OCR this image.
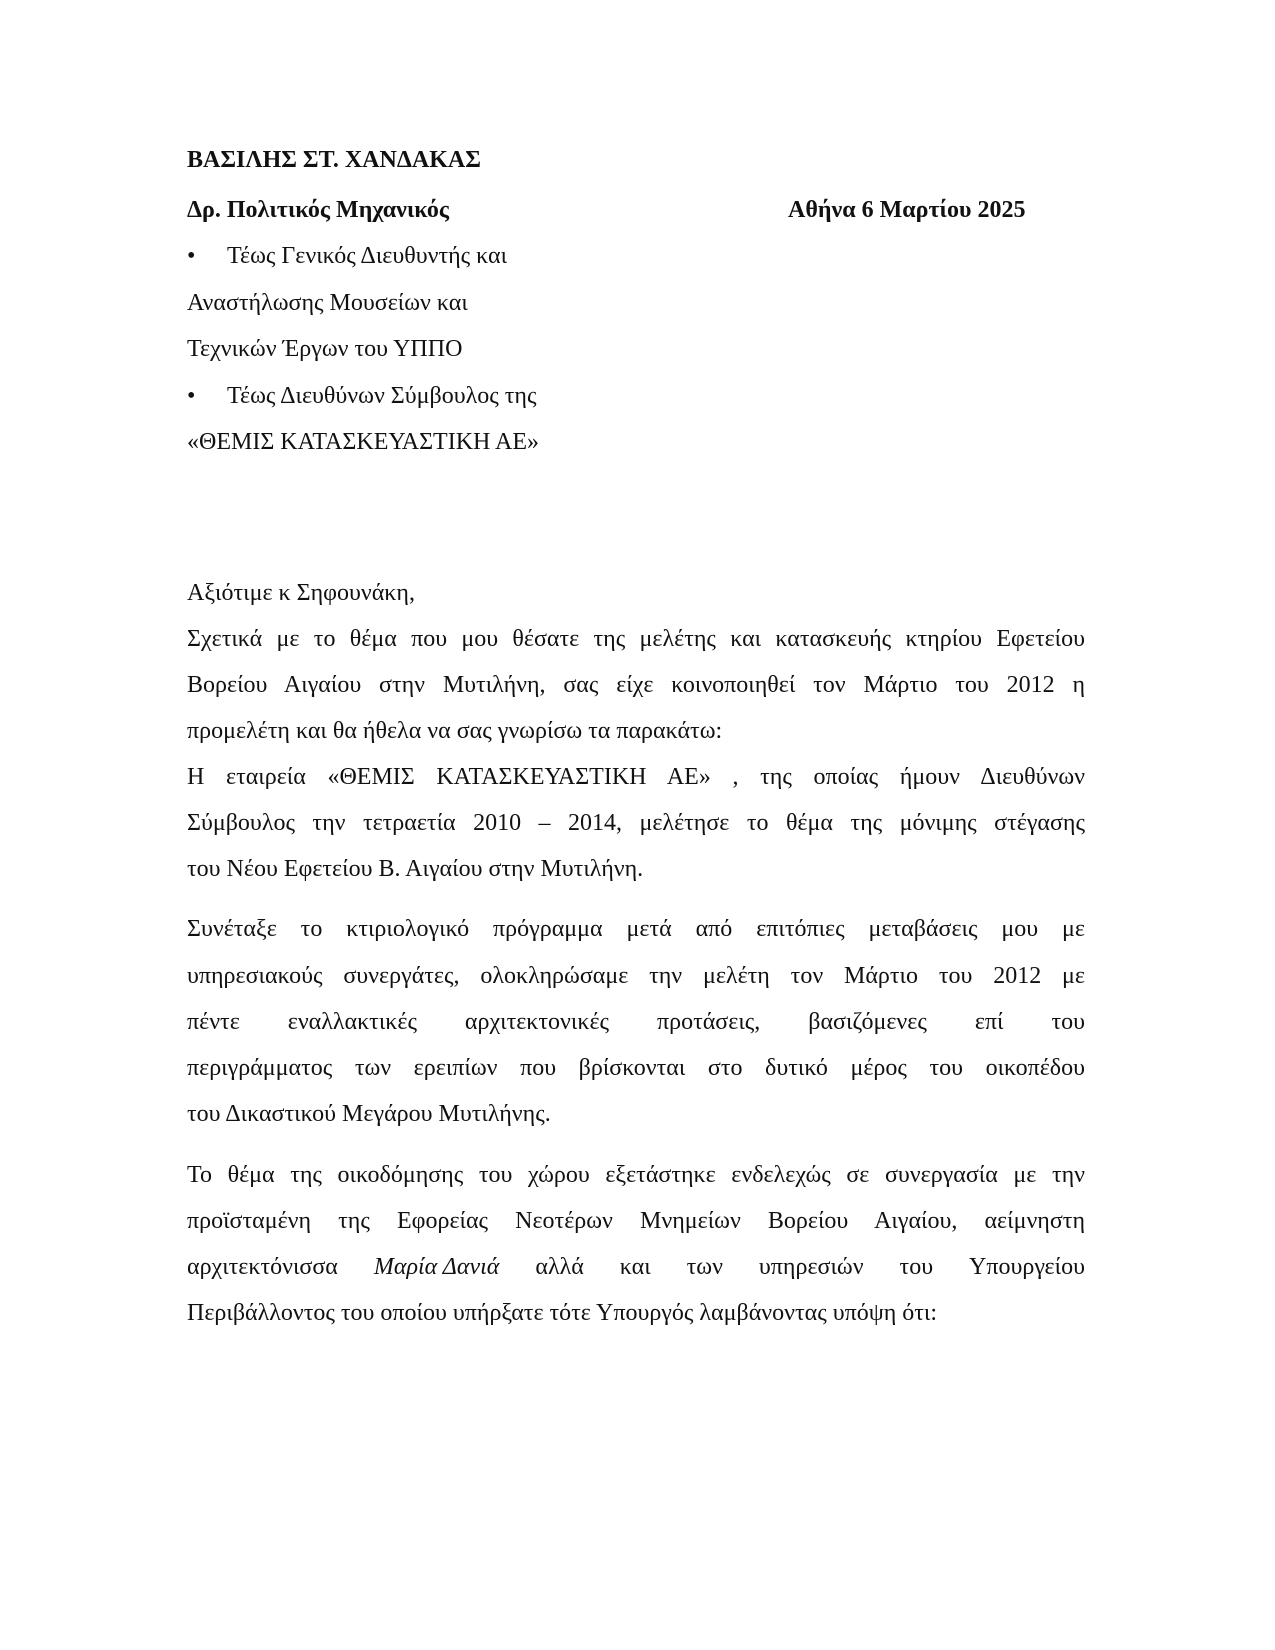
ΒΑΣΙΛΗΣ ΣΤ. ΧΑΝΔΑΚΑΣ
Δρ. Πολιτικός Μηχανικός	Αθήνα 6 Μαρτίου 2025
• Τέως Γενικός Διευθυντής και
Αναστήλωσης Μουσείων και
Τεχνικών Έργων του ΥΠΠΟ
• Τέως Διευθύνων Σύμβουλος της
«ΘΕΜΙΣ ΚΑΤΑΣΚΕΥΑΣΤΙΚΗ ΑΕ»
Αξιότιμε κ Σηφουνάκη,
Σχετικά με το θέμα που μου θέσατε της μελέτης και κατασκευής κτηρίου Εφετείου
Βορείου Αιγαίου στην Μυτιλήνη, σας είχε κοινοποιηθεί τον Μάρτιο του 2012 η
προμελέτη και θα ήθελα να σας γνωρίσω τα παρακάτω:
Η εταιρεία «ΘΕΜΙΣ ΚΑΤΑΣΚΕΥΑΣΤΙΚΗ ΑΕ» , της οποίας ήμουν Διευθύνων
Σύμβουλος την τετραετία 2010 – 2014, μελέτησε το θέμα της μόνιμης στέγασης
του Νέου Εφετείου Β. Αιγαίου στην Μυτιλήνη.
Συνέταξε το κτιριολογικό πρόγραμμα μετά από επιτόπιες μεταβάσεις μου με
υπηρεσιακούς συνεργάτες, ολοκληρώσαμε την μελέτη τον Μάρτιο του 2012 με
πέντε εναλλακτικές αρχιτεκτονικές προτάσεις, βασιζόμενες επί του
περιγράμματος των ερειπίων που βρίσκονται στο δυτικό μέρος του οικοπέδου
του Δικαστικού Μεγάρου Μυτιλήνης.
Το θέμα της οικοδόμησης του χώρου εξετάστηκε ενδελεχώς σε συνεργασία με την
προϊσταμένη της Εφορείας Νεοτέρων Μνημείων Βορείου Αιγαίου, αείμνηστη
αρχιτεκτόνισσα Μαρία Δανιά αλλά και των υπηρεσιών του Υπουργείου
Περιβάλλοντος του οποίου υπήρξατε τότε Υπουργός λαμβάνοντας υπόψη ότι:
